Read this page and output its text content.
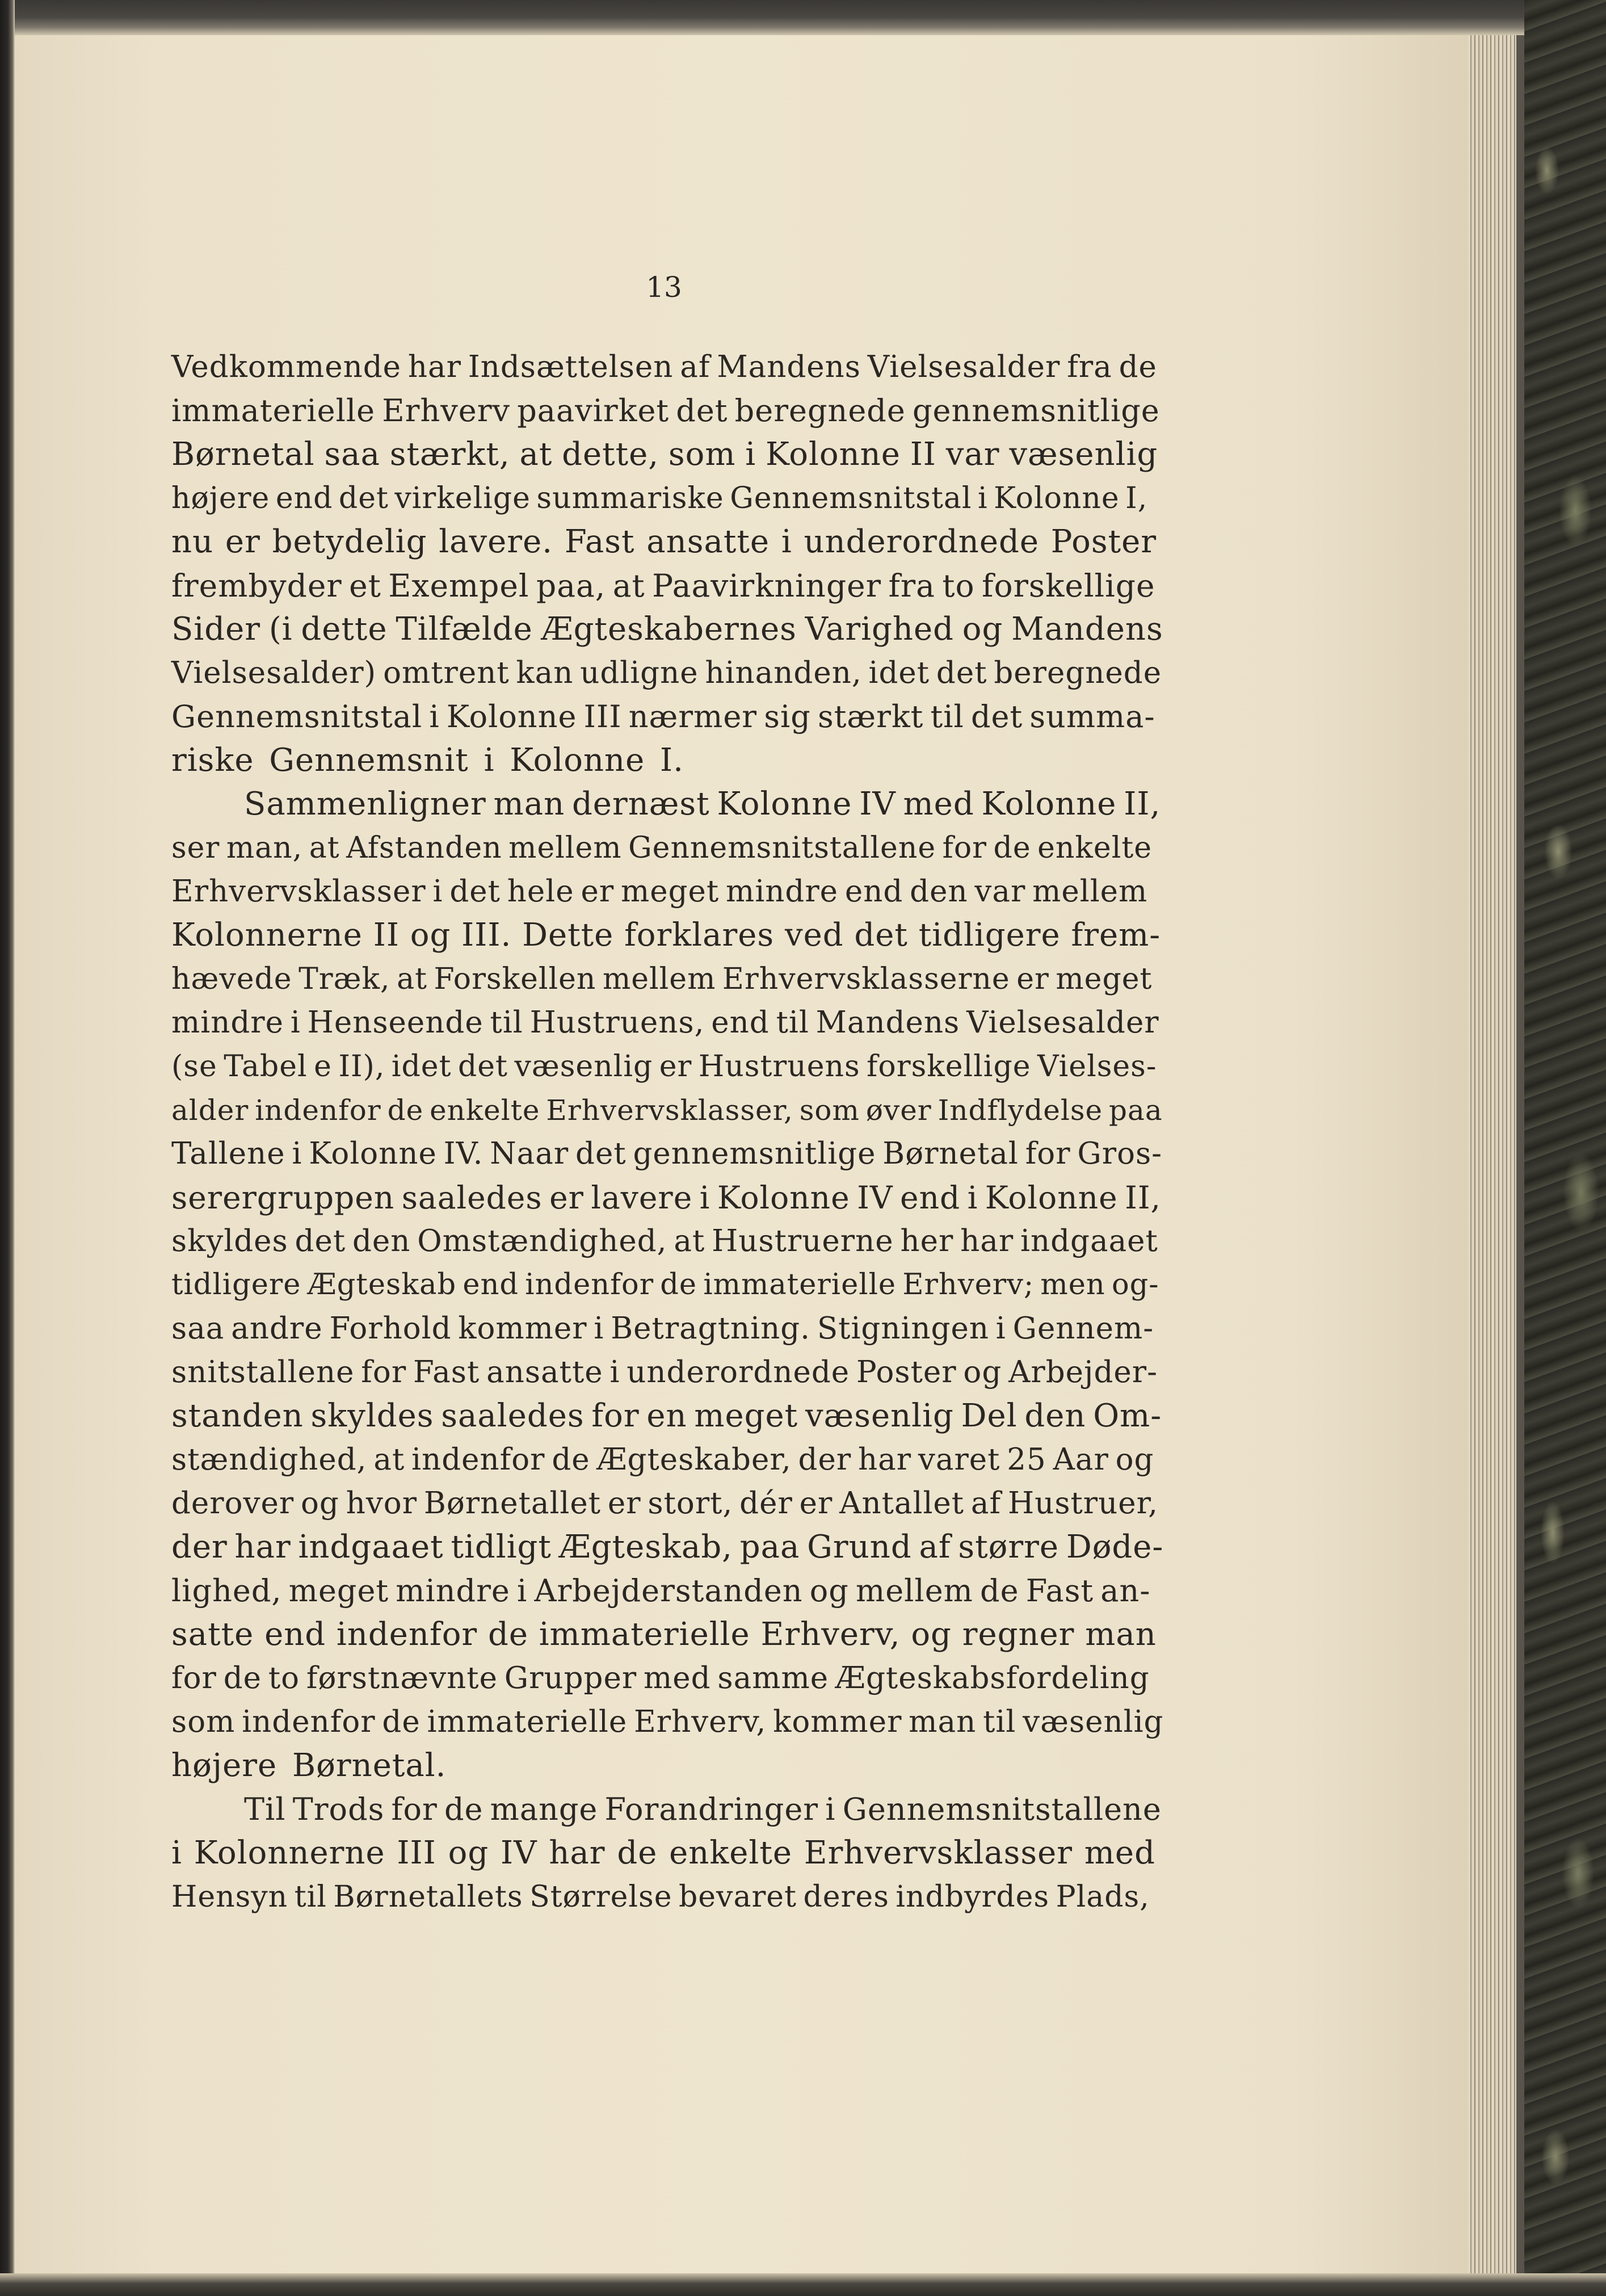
13
Vedkommende har Indsættelsen af Mandens Vielsesalder fra de
immaterielle Erhverv paavirket det beregnede gennemsnitlige
Børnetal saa stærkt, at dette, som i Kolonne II var væsenlig
højere end det virkelige summariske Gennemsnitstal i Kolonne I,
nu er betydelig lavere. Fast ansatte i underordnede Poster
frembyder et Exempel paa, at Paavirkninger fra to forskellige
Sider (i dette Tilfælde Ægteskabernes Varighed og Mandens
Vielsesalder) omtrent kan udligne hinanden, idet det beregnede
Gennemsnitstal i Kolonne III nærmer sig stærkt til det summa-
riske Gennemsnit i Kolonne I.
Sammenligner man dernæst Kolonne IV med Kolonne II,
ser man, at Afstanden mellem Gennemsnitstallene for de enkelte
Erhvervsklasser i det hele er meget mindre end den var mellem
Kolonnerne II og III. Dette forklares ved det tidligere frem-
hævede Træk, at Forskellen mellem Erhvervsklasserne er meget
mindre i Henseende til Hustruens, end til Mandens Vielsesalder
(se Tabel e II), idet det væsenlig er Hustruens forskellige Vielses-
alder indenfor de enkelte Erhvervsklasser, som øver Indflydelse paa
Tallene i Kolonne IV. Naar det gennemsnitlige Børnetal for Gros-
serergruppen saaledes er lavere i Kolonne IV end i Kolonne II,
skyldes det den Omstændighed, at Hustruerne her har indgaaet
tidligere Ægteskab end indenfor de immaterielle Erhverv; men og-
saa andre Forhold kommer i Betragtning. Stigningen i Gennem-
snitstallene for Fast ansatte i underordnede Poster og Arbejder-
standen skyldes saaledes for en meget væsenlig Del den Om-
stændighed, at indenfor de Ægteskaber, der har varet 25 Aar og
derover og hvor Børnetallet er stort, dér er Antallet af Hustruer,
der har indgaaet tidligt Ægteskab, paa Grund af større Døde-
lighed, meget mindre i Arbejderstanden og mellem de Fast an-
satte end indenfor de immaterielle Erhverv, og regner man
for de to førstnævnte Grupper med samme Ægteskabsfordeling
som indenfor de immaterielle Erhverv, kommer man til væsenlig
højere Børnetal.
Til Trods for de mange Forandringer i Gennemsnitstallene
i Kolonnerne III og IV har de enkelte Erhvervsklasser med
Hensyn til Børnetallets Størrelse bevaret deres indbyrdes Plads,
